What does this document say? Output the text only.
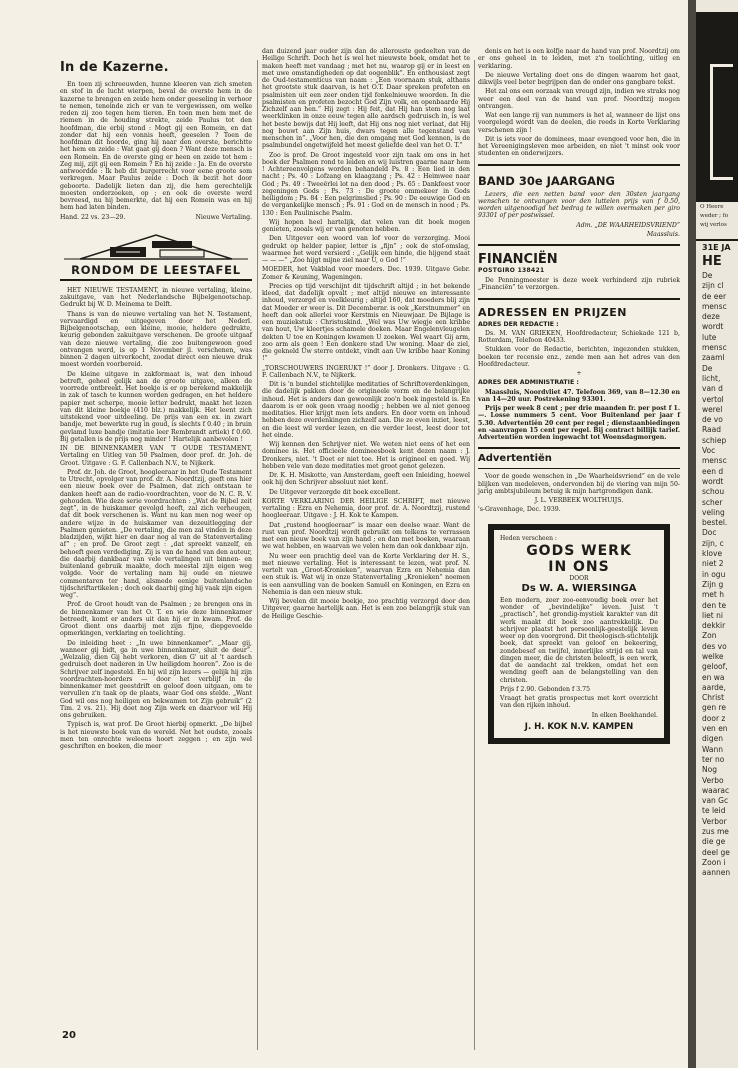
In de Kazerne.

En toen zij schreeuwden, hunne kleeren van zich smeten en stof in de lucht wierpen, beval de overste hem in de kazerne te brengen en zeide hem onder geeseling in verhoor te nemen, teneinde zich er van te vergewissen, om welke reden zij zoo tegen hem tieren. En toen men hem met de riemen in de houding strekte, zeide Paulus tot den hoofdman, die erbij stond : Mogt gij een Romein, en dat zonder dat hij een vonnis heeft, geeselen ? Toen de hoofdman dit hoorde, ging hij naar den overste, berichtte het hem en zeide : Wat gaat gij doen ? Want deze mensch is een Romein. En de overste ging er heen en zeide tot hem : Zeg mij, zijt gij een Romein ? En hij zeide : Ja. En de overste antwoordde : Ik heb dit burgerrecht voor eene groote som verkregen. Maar Paulus zeide : Doch ik bezit het door geboorte. Dadelijk lieten dan zij, die hem gerechtelijk moesten onderzoeken, op ; en ook de overste werd bevreesd, nu hij bemerkte, dat hij een Romein was en hij hem had laten binden.

Hand. 22 vs. 23—29.	Nieuwe Vertaling.
RONDOM DE LEESTAFEL

HET NIEUWE TESTAMENT, in nieuwe vertaling, kleine, zakuitgave, van het Nederlandsche Bijbelgenootschap. Gedrukt bij W. D. Meinema te Delft.

Thans is van de nieuwe vertaling van het N. Testament, vervaardigd en uitgegeven door het Nederl. Bijbelgenootschap, een kleine, mooie, heldere gedrukte, keurig gebonden zakuitgave verschenen. De groote uitgaaf van deze nieuwe vertaling, die zoo buitengewoon goed ontvangen werd, is op 1 November jl. verschenen, was binnen 2 dagen uitverkocht, zoodat direct een nieuwe druk moest worden voorbereid.

De kleine uitgave in zakformaat is, wat den inhoud betreft, geheel gelijk aan de groote uitgave, alleen de voorrede ontbreekt. Het boekje is er op berekend makkelijk in zak of tasch te kunnen worden gedragen, en het heldere papier met scherpe, mooie letter bedrukt, maakt het lezen van dit kleine boekje (410 blz.) makkelijk. Het leent zich uitstekend voor uitdeeling. De prijs van een ex. in zwart bandje, met bewerkte rug in goud, is slechts f 0.40 ; in bruin gevlamd luxe bandje (imitatie leer Rembrandt artiek) f 0.60. Bij getallen is de prijs nog minder ! Hartelijk aanbevolen !

IN DE BINNENKAMER VAN 'T OUDE TESTAMENT, Vertaling en Uitleg van 50 Psalmen, door prof. dr. Joh. de Groot. Uitgave : G. F. Callenbach N.V., te Nijkerk.

Prof. dr. Joh. de Groot, hoogleeraar in het Oude Testament te Utrecht, opvolger van prof. dr. A. Noordtzij, geeft ons hier een nieuw boek over de Psalmen, dat zich ontstaan te danken heeft aan de radio-voordrachten, voor de N. C. R. V. gehouden. Wie deze serie voordrachten : „Wat de Bijbel zeit zegt”, in de huiskamer gevolgd heeft, zal zich verheugen, dat dit boek verschenen is. Want nu kan men nog weer op andere wijze in de huiskamer van dezeuitlegging der Psalmen genieten. „De vertaling, die men zal vinden in deze bladzijden, wijkt hier en daar nog al van de Statenvertaling af” ; en prof. De Groot zegt : „dat spreekt vanzelf, en behoeft geen verdediging. Zij is van de hand van den auteur, die daarbij dankbaar van vele vertalingen uit binnen- en buitenland gebruik maakte, doch meestal zijn eigen weg volgde. Voor de vertaling nam hij oude en nieuwe commentaren ter hand, alsmede eenige buitenlandsche tijdschriftartikelen ; doch ook daarbij ging hij vaak zijn eigen weg”.

Prof. de Groot houdt van de Psalmen ; ze brengen ons in de binnenkamer van het O. T. en wie deze binnenkamer betreedt, komt er anders uit dan hij er in kwam. Prof. de Groot dient ons daarbij met zijn fijne, diepgevoelde opmerkingen, verklaring en toelichting.

De inleiding heet : „In uwe binnenkamer”. „Maar gij, wanneer gij bidt, ga in uwe binnenkamer, sluit de deur”. „Welzalig, dien Gij hebt verkoren, dien G' uit al 't aardsch gedruisch doet naderen in Uw heiligdom hooren”. Zoo is de Schrijver zelf ingesteld. En hij wil zijn lezers — gelijk hij zijn voordrachten-hoorders — door het verblijf in de binnenkamer met geestdrift en geloof doen uitgaan, om te vervullen z'n taak op de plaats, waar God ons stelde. „Want God wil ons nog heiligen en bekwamen tot Zijn gebruik” (2 Tim. 2 vs. 21). Hij doet nog Zijn werk en daarvoor wil Hij ons gebruiken.

Typisch is, wat prof. De Groot hierbij opmerkt. „De bijbel is het nieuwste boek van de wereld. Net het oudste, zooals men ten onrechte weleens hoort zeggen ; en zijn wel geschriften en boeken, die meer

dan duizend jaar ouder zijn dan de allerouste gedeelten van de Heilige Schrift. Doch het is wel het nieuwste boek, omdat het te maken heeft met vandaag ; met het nu, waarop gij er in leest en met uwe omstandigheden op dat oogenblik”. En enthousiast zegt de Oud-testamenticus van naam : „Een voornaam stuk, althans het grootste stuk daarvan, is het O.T. Daar spreken profeten en psalmisten uit een zeer onden tijd fonkelnieuwe woorden. In die psalmisten en profeten bezocht God Zijn volk, en openbaarde Hij Zichzelf aan hen.” Hij zegt : Hij feit, dat Hij han stem nog laat weerklinken in onze eeuw tegen alle aardsch gedruisch in, is wel het beste bewijs dat Hij leeft, dat Hij ons nog niet verlaat, dat Hij nog bouwt aan Zijn huis, dwars tegen alle tegenstand van menschen in”. „Voor hen, die den omgang met God kennen, is de psalmbundel ongetwijfeld het meest geliefde deel van het O. T.”

Zoo is prof. De Groot ingesteld voor zijn taak om ons in het boek der Psalmen rond te leiden en wij luistren gaarne naar hem ! Achtereenvolgens worden behandeld Ps. 8 : Een lied in den nacht ; Ps. 40 : Lofzang en klaagzang ; Ps. 42 : Heimwee naar God ; Ps. 49 : Tweeërlei lot na den dood ; Ps. 65 : Dankfeest voor zegeningen Gods ; Ps. 73 : De groote ommekeer in Gods heiligdom ; Ps. 84 : Een pelgrimslied ; Ps. 90 : De eeuwige God en de vergankelijke mensch ; Ps. 91 : God en de mensch in nood ; Ps. 130 : Een Paulinische Psalm.

Wij hopen heel hartelijk, dat velen van dit boek mogen genieten, zooals wij er van genoten hebben.

Den Uitgever een woord van lof voor de verzorging. Mooi gedrukt op helder papier, letter is „fijn” ; ook de stof-omslag, waarmee het werd versierd : „Gelijk een hinde, die hijgend staat — — —” „Zoo hijgt mijne ziel naar U, o God !”

MOEDER, het Vakblad voor moeders. Dec. 1939. Uitgave Gebr. Zomer & Keuning, Wageningen.

Precies op tijd verschijnt dit tijdschrift altijd ; in het bekende kleed, dat dadelijk opvalt ; met altijd nieuwe en interessante inhoud, verzorgd en veelkleurig ; altijd 160, dat moeders blij zijn dat Moeder er weer is. Dit Decembernr. is ook „Kerstnummer” en heeft dan ook allerlei voor Kerstmis en Nieuwjaar. De Bijlage is een muziekstuk : Christuskind. „Wel was Uw wiegje een kribbe van hout, Uw kleertjes schamele doeken. Maar Engelenvleugelen dekten U toe en Koningen kwamen U zoeken. Wel waart Gij arm, zoo arm als geen ! Een donkere stad Uw woning. Maar de ziel, die gekneld Uw sterre ontdekt, vindt aan Uw kribbe haar Koning !”

„TORSCHOUWERS INGERUKT !” door J. Dronkers. Uitgave : G. F. Callenbach N.V., te Nijkerk.

Dit is 'n bundel stichtelijke meditaties of Schriftoverdenkingen, die dadelijk pakken door de origineele vorm en de belangrijke inhoud. Het is anders dan gewoonlijk zoo'n boek ingesteld is. En daarom is er ook geen vraag noodig ; hebben we al niet genoeg meditaties. Hier krijgt men iets anders. En door vorm en inhoud hebben deze overdenkingen zichzelf aan. Die ze even inziet, leest, en die leest wil verder lezen, en die verder leest, leest door tot het einde.

Wij kennen den Schrijver niet. We weten niet eens of het een dominee is. Het officieele domineesboek kent dezen naam : J. Dronkers, niet. 't Doet er niet toe. Het is origineel en goed. Wij hebben vele van deze meditaties met groot genot gelezen.

Dr. K. H. Miskotte, van Amsterdam, geeft een Inleiding, hoewel ook hij den Schrijver absoluut niet kent.

De Uitgever verzorgde dit boek excellent.

KORTE VERKLARING DER HEILIGE SCHRIFT, met nieuwe vertaling : Ezra en Nehemia, door prof. dr. A. Noordtzij, rustend hoogleeraar. Uitgave : J. H. Kok te Kampen.

Dat „rustend hoogleeraar” is maar een deelse waar. Want de rust van prof. Noordtzij wordt gebruikt om telkens te verrassen met een nieuw boek van zijn hand ; en dan met boeken, waaraan we wat hebben, en waarvan we velen hem dan ook dankbaar zijn.

Nu weer een prachtig deel van de Korte Verklaring der H. S., met nieuwe vertaling. Het is interessant te lezen, wat prof. N. vertelt van „Groot-Kronieken”, waarvan Ezra en Nehemia dan een stuk is. Wat wij in onze Statenvertaling „Kronieken” noemen is een aanvulling van de boeken Samuël en Koningen, en Ezra en Nehemia is dan een nieuw stuk.

Wij bevelen dit mooie boekje, zoo prachtig verzorgd door den Uitgever, gaarne hartelijk aan. Het is een zoo belangrijk stuk van de Heilige Geschie-

denis en het is een kolfje naar de hand van prof. Noordtzij om er ons geheel in te leiden, met z'n toelichting, uitleg en verklaring.

De nieuwe Vertaling doet ons de dingen waarom het gaat, dikwijls veel beter begrijpen dan de onder ons gangbare tekst.

Het zal ons een oorzaak van vreugd zijn, indien we straks nog weer een deel van de hand van prof. Noordtzij mogen ontvangen.

Wat een lange rij van nummers is het al, wanneer de lijst ons voorgelegd wordt van de deelen, die reeds in Korte Verklaring verschenen zijn !

Dit is iets voor de dominees, maar evengoed voor hen, die in het Vereenigingsleven mee arbeiden, en niet 't minst ook voor studenten en onderwijzers.

BAND 30e JAARGANG

Lezers, die een netten band voor den 30sten jaargang wenschen te ontvangen voor den luttelen prijs van f 0.50, worden uitgenoodigd het bedrag te willen overmaken per giro 93301 of per postwissel.

Adm. „DE WAARHEIDSVRIEND”

Maassluis.

FINANCIËN
POSTGIRO 138421

De Penningmeester is deze week verhinderd zijn rubriek „Financiën” te verzorgen.

ADRESSEN EN PRIJZEN

ADRES DER REDACTIE :

Ds. M. VAN GRIEKEN, Hoofdredacteur, Schiekade 121 b, Rotterdam, Telefoon 40433.

Stukken voor de Redactie, berichten, ingezonden stukken, boeken ter recensie enz., zende men aan het adres van den Hoofdredacteur.

+

ADRES DER ADMINISTRATIE :

Maassluis, Noordvliet 47. Telefoon 369, van 8—12.30 en van 14—20 uur. Postrekening 93301.

Prijs per week 8 cent ; per drie maanden fr. per post f 1.—. Losse nummers 5 cent. Voor Buitenland per jaar f 5.30. Advertentiën 20 cent per regel ; dienstaanbiedingen en -aanvragen 15 cent per regel. Bij contract billijk tarief. Advertentiën worden ingewacht tot Woensdagmorgen.

Advertentiën

Voor de goede wenschen in „De Waarheidsvriend” en de vele blijken van medeleven, ondervonden bij de viering van mijn 50-jarig ambtsjubileum betuig ik mijn hartgrondigen dank.

J. L. VERBEEK WOLTHUIJS.

's-Gravenhage, Dec. 1939.

Heden verscheen :

GODS WERK
IN ONS
DOOR
Ds W. A. WIERSINGA

Een modern, zeer zoo-eenvoudig boek over het wonder of „bevindelijke” leven. Juist 't „practisch”, het grondig-mystiek karakter van dit werk maakt dit boek zoo aantrekkelijk. De schrijver plaatst het persoonlijk-geestelijk leven weer op den voorgrond. Dit theologisch-stichtelijk boek, dat spreekt van geloof en bekeering, zondebesef en twijfel, innerlijke strijd en tal van dingen meer, die de christen beleeft, is een werk, dat de aandacht zal trekken, omdat het een wending geeft aan de belangstelling van den christen.

Prijs f 2.90. Gebonden f 3.75

Vraagt het gratis prospectus met kort overzicht van den rijken inhoud.

In elken Boekhandel.

J. H. KOK N.V. KAMPEN
20

O Heere

weder ; fo

wij verlos

31E JA
HE

De

zijn cl

de eer

mensc

deze

wordt

lute

mensc

zaaml

De

licht,

van d

vertol

werel

de vo

Raad

schiep

Voc

mensc

een d

wordt

schou

scher

veling

bestel.

Doc

zijn, c

klove

niet 2

in ogu

Zijn g

met h

den te

liet ni

dekkir

Zon

des vo

welke

geloof,

en wa

aarde,

Christ

gen re

door z

ven en

digen

Wann

ter no

Nog

Verbo

waarac

van Gc

te leid

Verbor

zus me

die ge

deel ge

Zoon i

aannen
